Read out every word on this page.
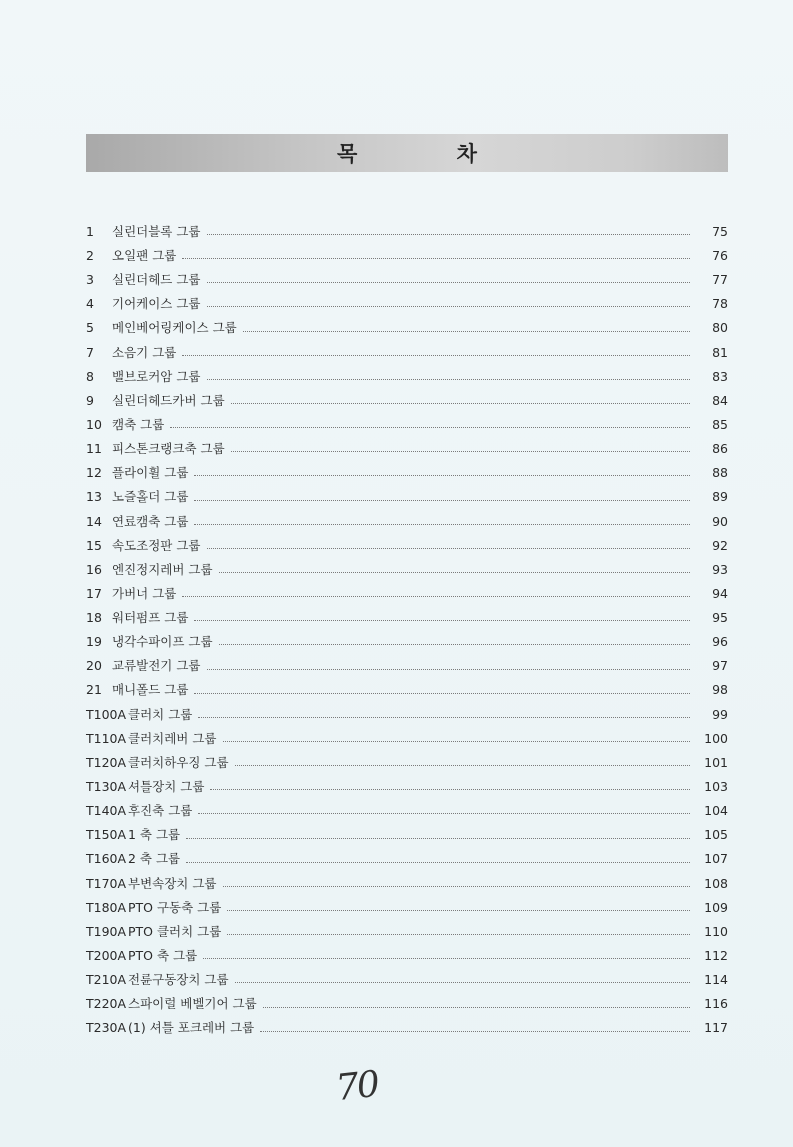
목 차
1	실린더블록 그룹	75
2	오일팬 그룹	76
3	실린더헤드 그룹	77
4	기어케이스 그룹	78
5	메인베어링케이스 그룹	80
7	소음기 그룹	81
8	밸브로커암 그룹	83
9	실린더헤드카버 그룹	84
10 캠축 그룹	85
11 피스톤크랭크축 그룹	86
12 플라이휠 그룹	88
13 노즐홀더 그룹	89
14 연료캠축 그룹	90
15 속도조정판 그룹	92
16 엔진정지레버 그룹	93
17 가버너 그룹	94
18 워터펌프 그룹	95
19 냉각수파이프 그룹	96
20 교류발전기 그룹	97
21 매니폴드 그룹	98
T100A 클러치 그룹	99
T110A 클러치레버 그룹	100
T120A 클러치하우징 그룹	101
T130A 셔틀장치 그룹	103
T140A 후진축 그룹	104
T150A 1 축 그룹	105
T160A 2 축 그룹	107
T170A 부변속장치 그룹	108
T180A PTO 구동축 그룹	109
T190A PTO 클러치 그룹	110
T200A PTO 축 그룹	112
T210A 전륜구동장치 그룹	114
T220A 스파이럴 베벨기어 그룹	116
T230A (1) 셔틀 포크레버 그룹	117
70
